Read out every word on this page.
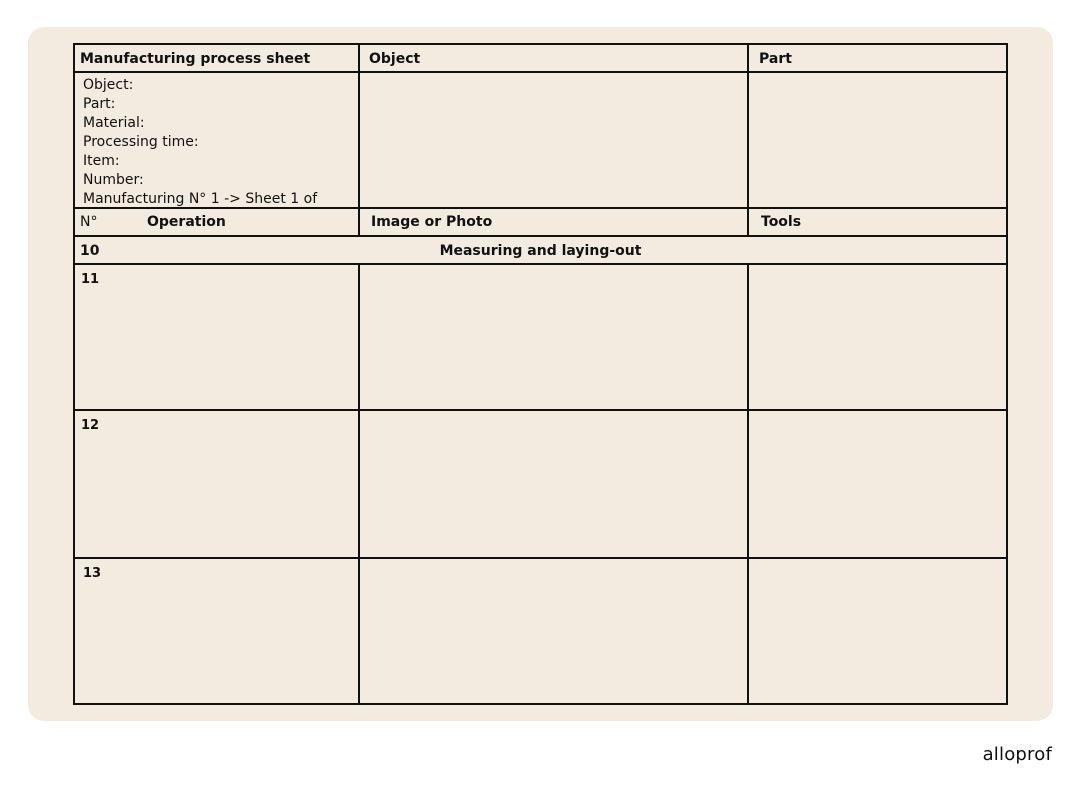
Manufacturing process sheet	Object	Part
Object:
Part:
Material:
Processing time:
Item:
Number:
Manufacturing N° 1 -> Sheet 1 of
N°	Operation	Image or Photo	Tools
10	Measuring and laying-out
11
12
13
alloprof
